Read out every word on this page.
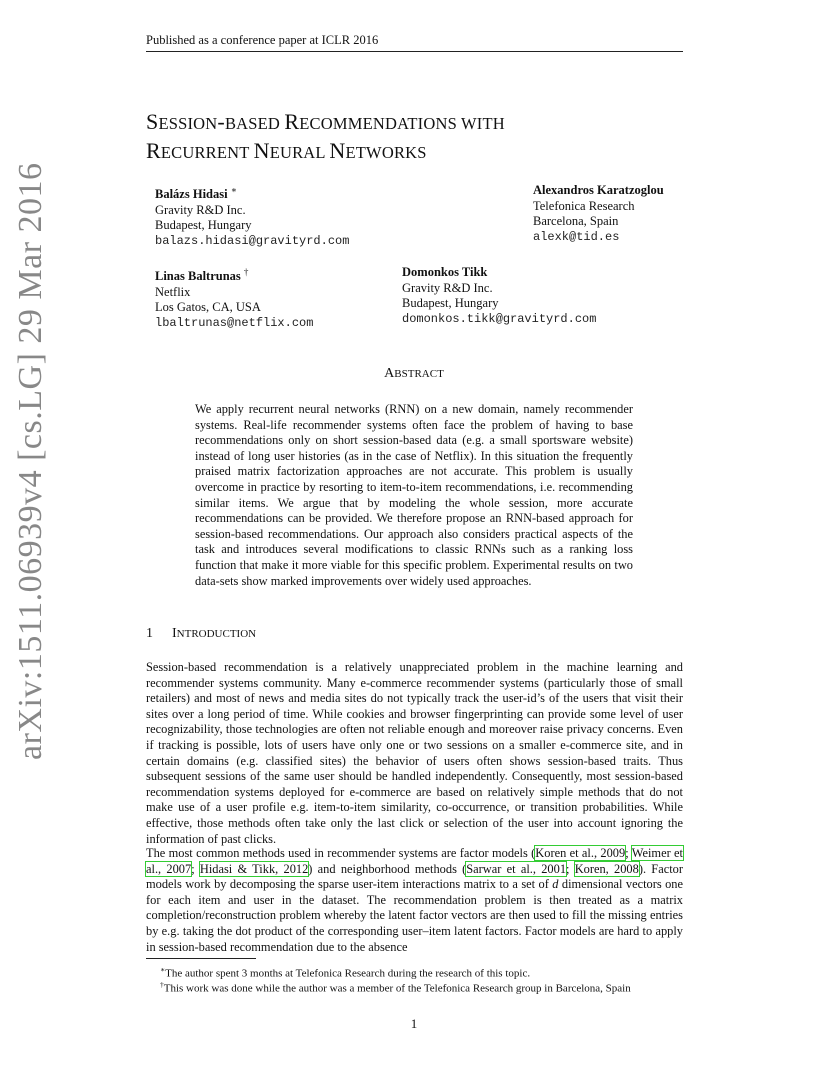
Published as a conference paper at ICLR 2016
SESSION-BASED RECOMMENDATIONS WITH
RECURRENT NEURAL NETWORKS
Balázs Hidasi ∗
Gravity R&D Inc.
Budapest, Hungary
balazs.hidasi@gravityrd.com
Alexandros Karatzoglou
Telefonica Research
Barcelona, Spain
alexk@tid.es
Linas Baltrunas †
Netflix
Los Gatos, CA, USA
lbaltrunas@netflix.com
Domonkos Tikk
Gravity R&D Inc.
Budapest, Hungary
domonkos.tikk@gravityrd.com
ABSTRACT
We apply recurrent neural networks (RNN) on a new domain, namely recommender systems. Real-life recommender systems often face the problem of having to base recommendations only on short session-based data (e.g. a small sportsware website) instead of long user histories (as in the case of Netflix). In this situation the frequently praised matrix factorization approaches are not accurate. This problem is usually overcome in practice by resorting to item-to-item recommendations, i.e. recommending similar items. We argue that by modeling the whole session, more accurate recommendations can be provided. We therefore propose an RNN-based approach for session-based recommendations. Our approach also considers practical aspects of the task and introduces several modifications to classic RNNs such as a ranking loss function that make it more viable for this specific problem. Experimental results on two data-sets show marked improvements over widely used approaches.
1 INTRODUCTION
Session-based recommendation is a relatively unappreciated problem in the machine learning and recommender systems community. Many e-commerce recommender systems (particularly those of small retailers) and most of news and media sites do not typically track the user-id’s of the users that visit their sites over a long period of time. While cookies and browser fingerprinting can provide some level of user recognizability, those technologies are often not reliable enough and moreover raise privacy concerns. Even if tracking is possible, lots of users have only one or two sessions on a smaller e-commerce site, and in certain domains (e.g. classified sites) the behavior of users often shows session-based traits. Thus subsequent sessions of the same user should be handled independently. Consequently, most session-based recommendation systems deployed for e-commerce are based on relatively simple methods that do not make use of a user profile e.g. item-to-item similarity, co-occurrence, or transition probabilities. While effective, those methods often take only the last click or selection of the user into account ignoring the information of past clicks.
The most common methods used in recommender systems are factor models (Koren et al., 2009; Weimer et al., 2007; Hidasi & Tikk, 2012) and neighborhood methods (Sarwar et al., 2001; Koren, 2008). Factor models work by decomposing the sparse user-item interactions matrix to a set of d dimensional vectors one for each item and user in the dataset. The recommendation problem is then treated as a matrix completion/reconstruction problem whereby the latent factor vectors are then used to fill the missing entries by e.g. taking the dot product of the corresponding user–item latent factors. Factor models are hard to apply in session-based recommendation due to the absence
∗The author spent 3 months at Telefonica Research during the research of this topic.
†This work was done while the author was a member of the Telefonica Research group in Barcelona, Spain
1
arXiv:1511.06939v4 [cs.LG] 29 Mar 2016
